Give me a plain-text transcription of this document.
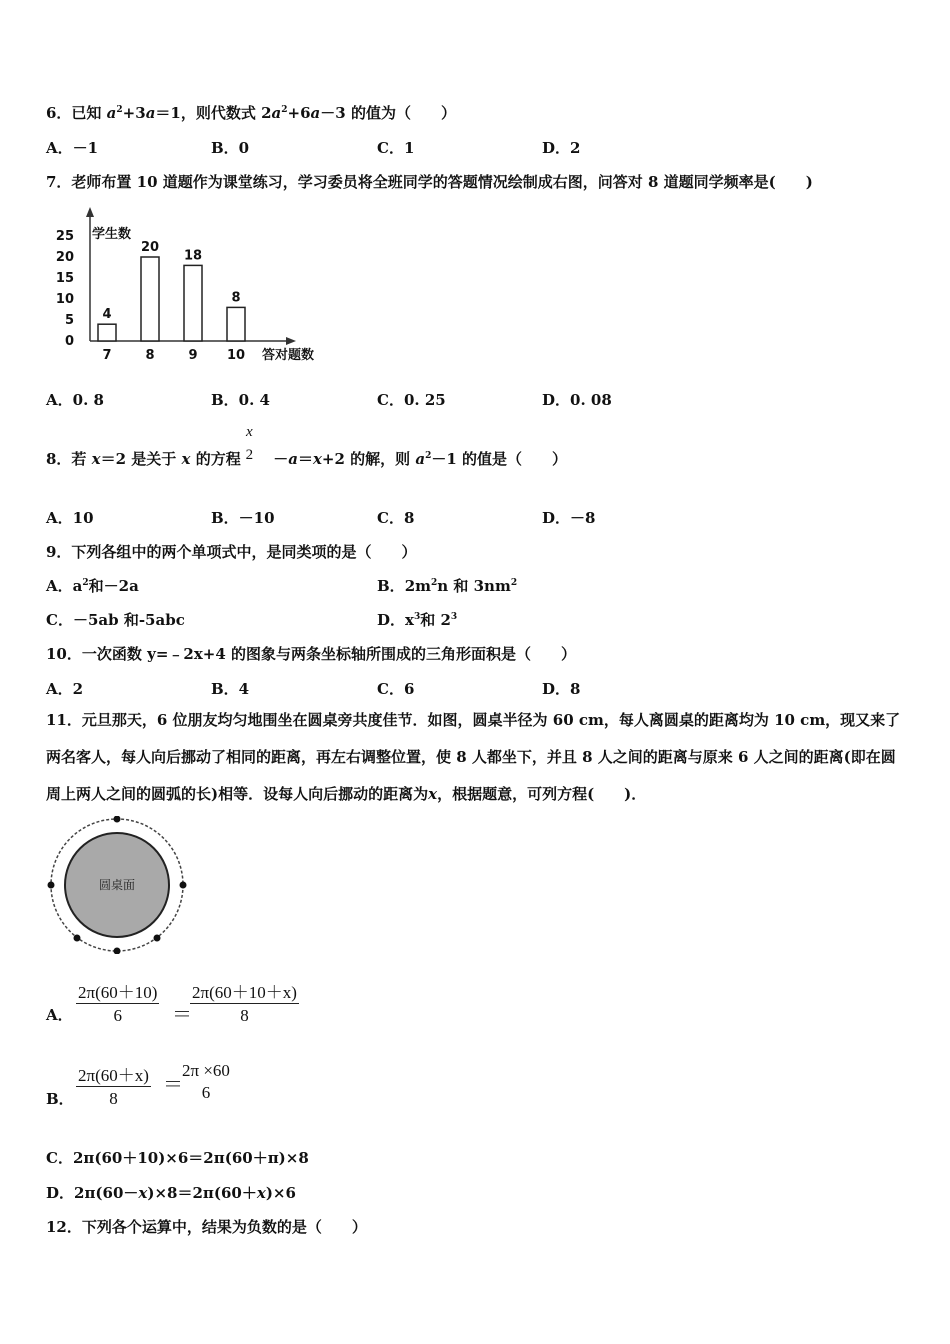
6．已知 $a^2+3a=1$，则代数式 $2a^2+6a-3$ 的值为（　　）
A．－1	B．0	C．1	D．2
7．老师布置 10 道题作为课堂练习，学习委员将全班同学的答题情况绘制成右图，问答对 8 道题同学频率是(　　)
0
5
10
15
20
25
7	8	9 10
4
20
18
8
学生数
答对题数
A．0. 8	B．0. 4	C．0. 25	D．0. 08
8．若 x＝2 是关于 x 的方程 －a＝x+2 的解，则 $a^2-1$ 的值是（　　）
x
2
A．10	B．－10	C．8	D．－8
9．下列各组中的两个单项式中，是同类项的是（　　）
A．$a^2$和－2a	B．$2m^2n$ 和 $3nm^2$
C．－5ab 和-5abc	D．$x^3$和 $2^3$
10．一次函数 y=﹣2x+4 的图象与两条坐标轴所围成的三角形面积是（　　）
A．2	B．4	C．6	D．8
11．元旦那天，6 位朋友均匀地围坐在圆桌旁共度佳节．如图，圆桌半径为 60 cm，每人离圆桌的距离均为 10 cm，现又来了两名客人，每人向后挪动了相同的距离，再左右调整位置，使 8 人都坐下，并且 8 人之间的距离与原来 6 人之间的距离(即在圆周上两人之间的圆弧的长)相等．设每人向后挪动的距离为x，根据题意，可列方程(　　)．
圆桌面
A． $\frac{2\pi(60+10)}{6}$ ＝
$\frac{2\pi(60+10+x)}{8}$
B． $\frac{2\pi(60+x)}{8}$ ＝
2π ×60
6
C．2π(60＋10)×6＝2π(60＋π)×8
D．2π(60－x)×8＝2π(60＋x)×6
12．下列各个运算中，结果为负数的是（　　）
